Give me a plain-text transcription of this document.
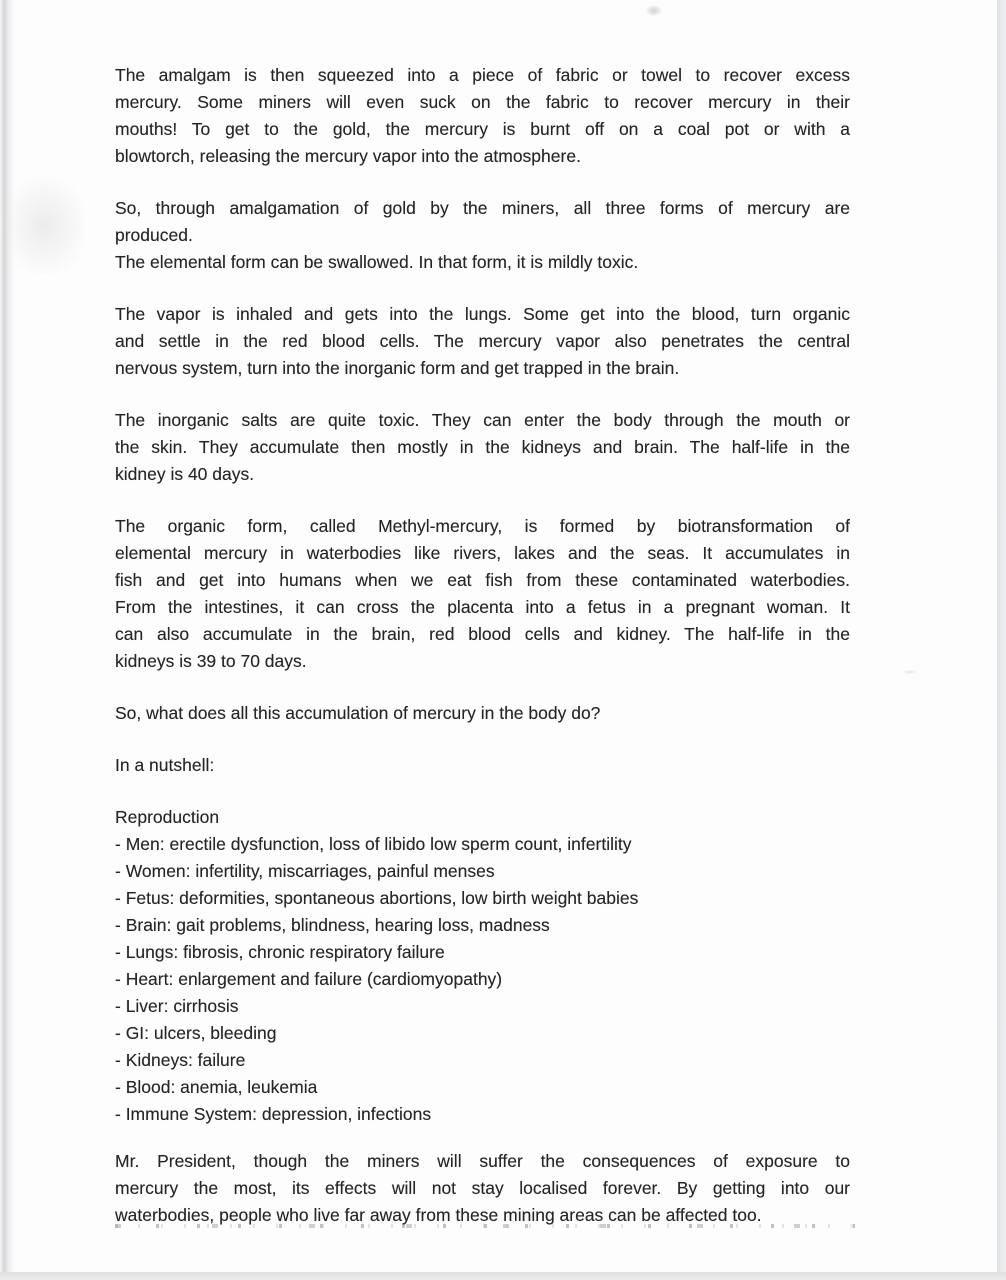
The amalgam is then squeezed into a piece of fabric or towel to recover excess
mercury. Some miners will even suck on the fabric to recover mercury in their
mouths! To get to the gold, the mercury is burnt off on a coal pot or with a
blowtorch, releasing the mercury vapor into the atmosphere.
So, through amalgamation of gold by the miners, all three forms of mercury are
produced.
The elemental form can be swallowed. In that form, it is mildly toxic.
The vapor is inhaled and gets into the lungs. Some get into the blood, turn organic
and settle in the red blood cells. The mercury vapor also penetrates the central
nervous system, turn into the inorganic form and get trapped in the brain.
The inorganic salts are quite toxic. They can enter the body through the mouth or
the skin. They accumulate then mostly in the kidneys and brain. The half-life in the
kidney is 40 days.
The organic form, called Methyl-mercury, is formed by biotransformation of
elemental mercury in waterbodies like rivers, lakes and the seas. It accumulates in
fish and get into humans when we eat fish from these contaminated waterbodies.
From the intestines, it can cross the placenta into a fetus in a pregnant woman. It
can also accumulate in the brain, red blood cells and kidney. The half-life in the
kidneys is 39 to 70 days.
So, what does all this accumulation of mercury in the body do?
In a nutshell:
Reproduction
- Men: erectile dysfunction, loss of libido low sperm count, infertility
- Women: infertility, miscarriages, painful menses
- Fetus: deformities, spontaneous abortions, low birth weight babies
- Brain: gait problems, blindness, hearing loss, madness
- Lungs: fibrosis, chronic respiratory failure
- Heart: enlargement and failure (cardiomyopathy)
- Liver: cirrhosis
- GI: ulcers, bleeding
- Kidneys: failure
- Blood: anemia, leukemia
- Immune System: depression, infections
Mr. President, though the miners will suffer the consequences of exposure to
mercury the most, its effects will not stay localised forever. By getting into our
waterbodies, people who live far away from these mining areas can be affected too.
